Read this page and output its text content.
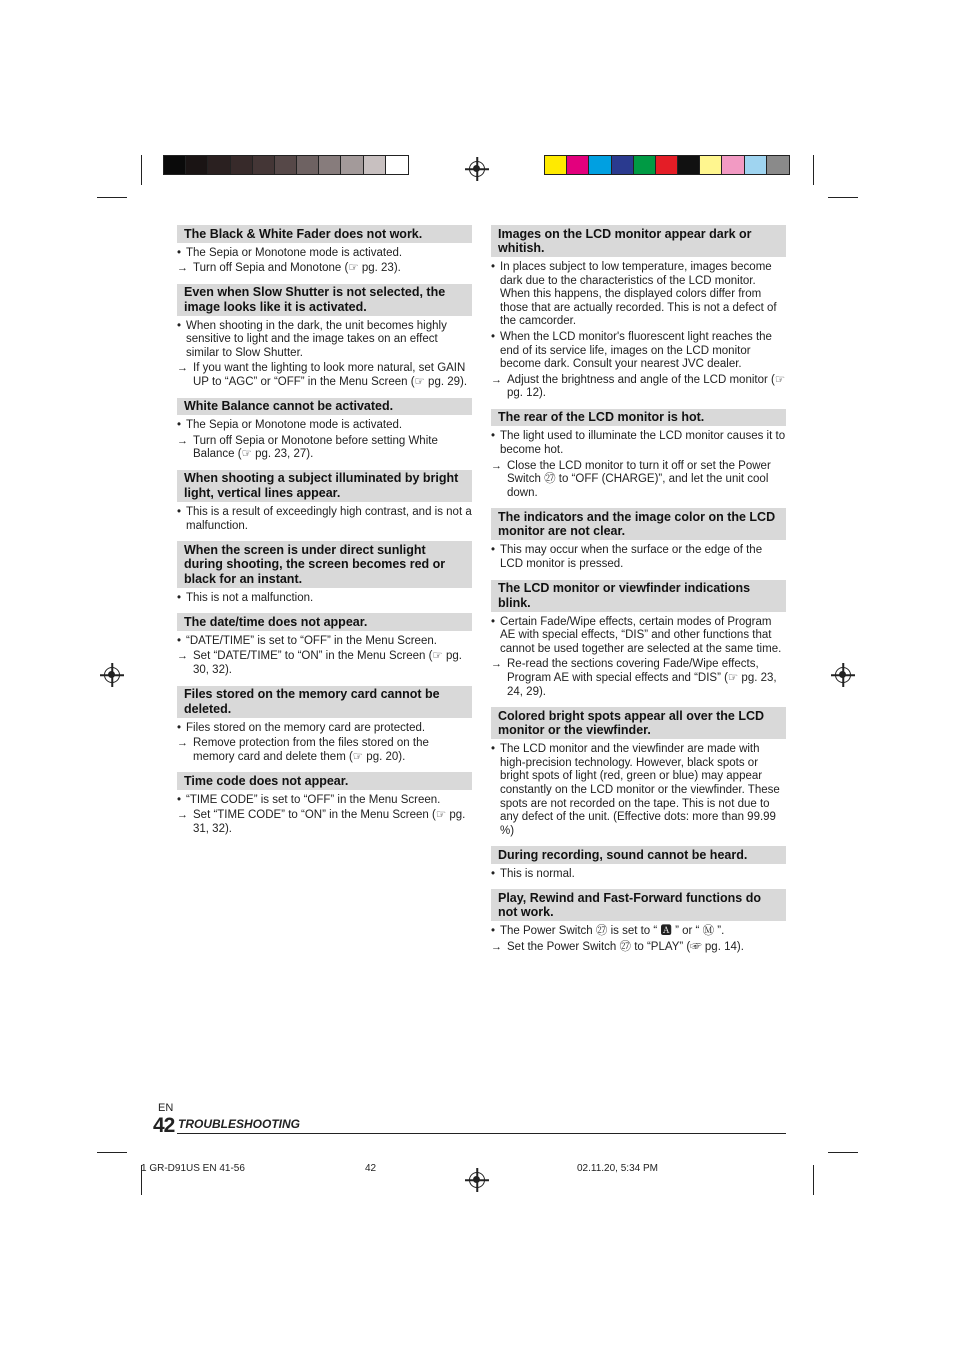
The Black & White Fader does not work.
• The Sepia or Monotone mode is activated.
→ Turn off Sepia and Monotone (☞ pg. 23).
Even when Slow Shutter is not selected, the image looks like it is activated.
• When shooting in the dark, the unit becomes highly sensitive to light and the image takes on an effect similar to Slow Shutter.
→ If you want the lighting to look more natural, set GAIN UP to “AGC” or “OFF” in the Menu Screen (☞ pg. 29).
White Balance cannot be activated.
• The Sepia or Monotone mode is activated.
→ Turn off Sepia or Monotone before setting White Balance (☞ pg. 23, 27).
When shooting a subject illuminated by bright light, vertical lines appear.
• This is a result of exceedingly high contrast, and is not a malfunction.
When the screen is under direct sunlight during shooting, the screen becomes red or black for an instant.
• This is not a malfunction.
The date/time does not appear.
• “DATE/TIME” is set to “OFF” in the Menu Screen.
→ Set “DATE/TIME” to “ON” in the Menu Screen (☞ pg. 30, 32).
Files stored on the memory card cannot be deleted.
• Files stored on the memory card are protected.
→ Remove protection from the files stored on the memory card and delete them (☞ pg. 20).
Time code does not appear.
• “TIME CODE” is set to “OFF” in the Menu Screen.
→ Set “TIME CODE” to “ON” in the Menu Screen (☞ pg. 31, 32).
Images on the LCD monitor appear dark or whitish.
• In places subject to low temperature, images become dark due to the characteristics of the LCD monitor. When this happens, the displayed colors differ from those that are actually recorded. This is not a defect of the camcorder.
• When the LCD monitor's fluorescent light reaches the end of its service life, images on the LCD monitor become dark. Consult your nearest JVC dealer.
→ Adjust the brightness and angle of the LCD monitor (☞ pg. 12).
The rear of the LCD monitor is hot.
• The light used to illuminate the LCD monitor causes it to become hot.
→ Close the LCD monitor to turn it off or set the Power Switch ㉗ to “OFF (CHARGE)”, and let the unit cool down.
The indicators and the image color on the LCD monitor are not clear.
• This may occur when the surface or the edge of the LCD monitor is pressed.
The LCD monitor or viewfinder indications blink.
• Certain Fade/Wipe effects, certain modes of Program AE with special effects, “DIS” and other functions that cannot be used together are selected at the same time.
→ Re-read the sections covering Fade/Wipe effects, Program AE with special effects and “DIS” (☞ pg. 23, 24, 29).
Colored bright spots appear all over the LCD monitor or the viewfinder.
• The LCD monitor and the viewfinder are made with high-precision technology. However, black spots or bright spots of light (red, green or blue) may appear constantly on the LCD monitor or the viewfinder. These spots are not recorded on the tape. This is not due to any defect of the unit. (Effective dots: more than 99.99 %)
During recording, sound cannot be heard.
• This is normal.
Play, Rewind and Fast-Forward functions do not work.
• The Power Switch ㉗ is set to “ 🅰 ” or “ Ⓜ ”.
→ Set the Power Switch ㉗ to “PLAY” (☞ pg. 14).
EN
42 TROUBLESHOOTING
1 GR-D91US EN 41-56	42	02.11.20, 5:34 PM
